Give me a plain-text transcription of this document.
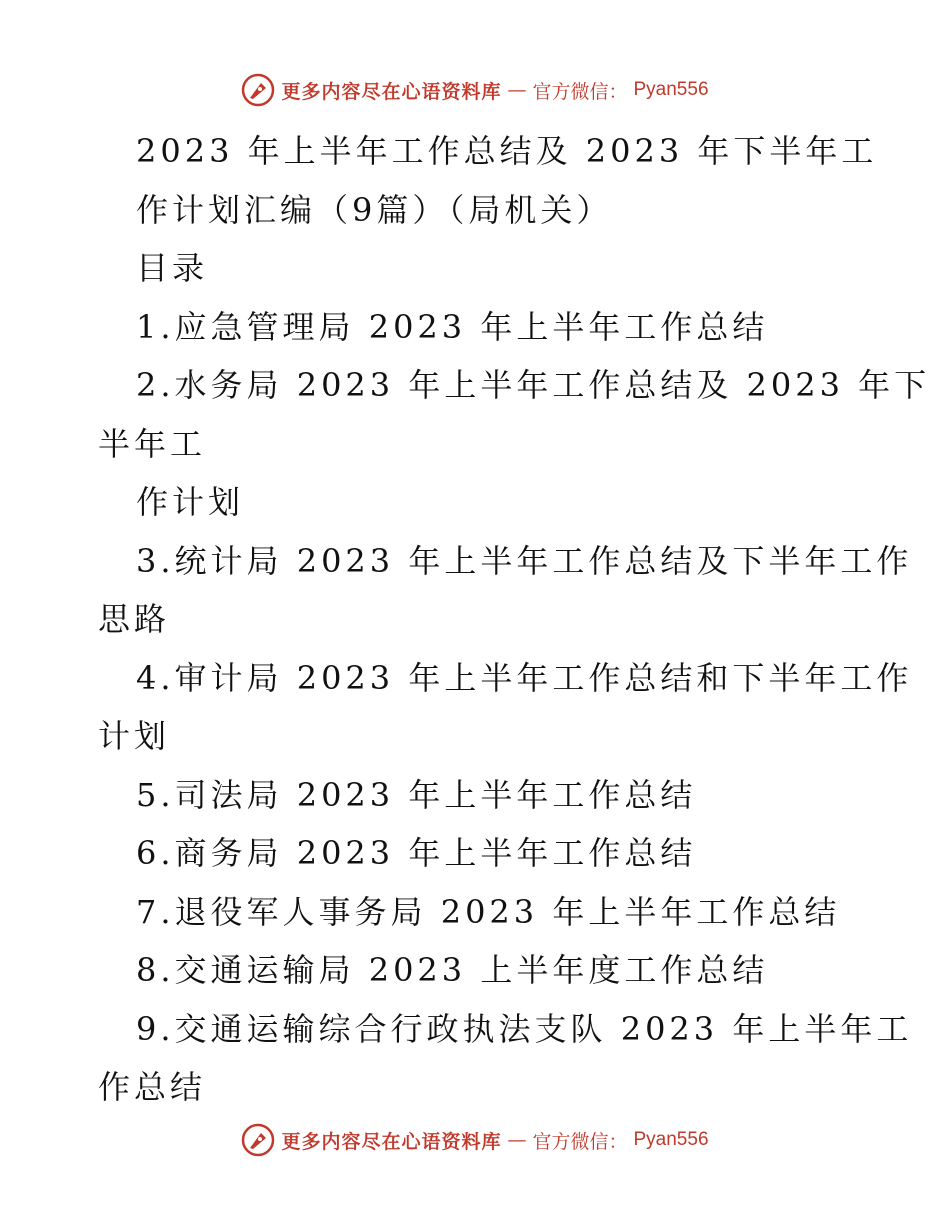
更多内容尽在心语资料库 — 官方微信： Pyan556

2023 年上半年工作总结及 2023 年下半年工

作计划汇编（9篇）（局机关）

目录

1.应急管理局 2023 年上半年工作总结

2.水务局 2023 年上半年工作总结及 2023 年下

半年工

作计划

3.统计局 2023 年上半年工作总结及下半年工作

思路

4.审计局 2023 年上半年工作总结和下半年工作

计划

5.司法局 2023 年上半年工作总结

6.商务局 2023 年上半年工作总结

7.退役军人事务局 2023 年上半年工作总结

8.交通运输局 2023 上半年度工作总结

9.交通运输综合行政执法支队 2023 年上半年工

作总结

更多内容尽在心语资料库 — 官方微信： Pyan556
